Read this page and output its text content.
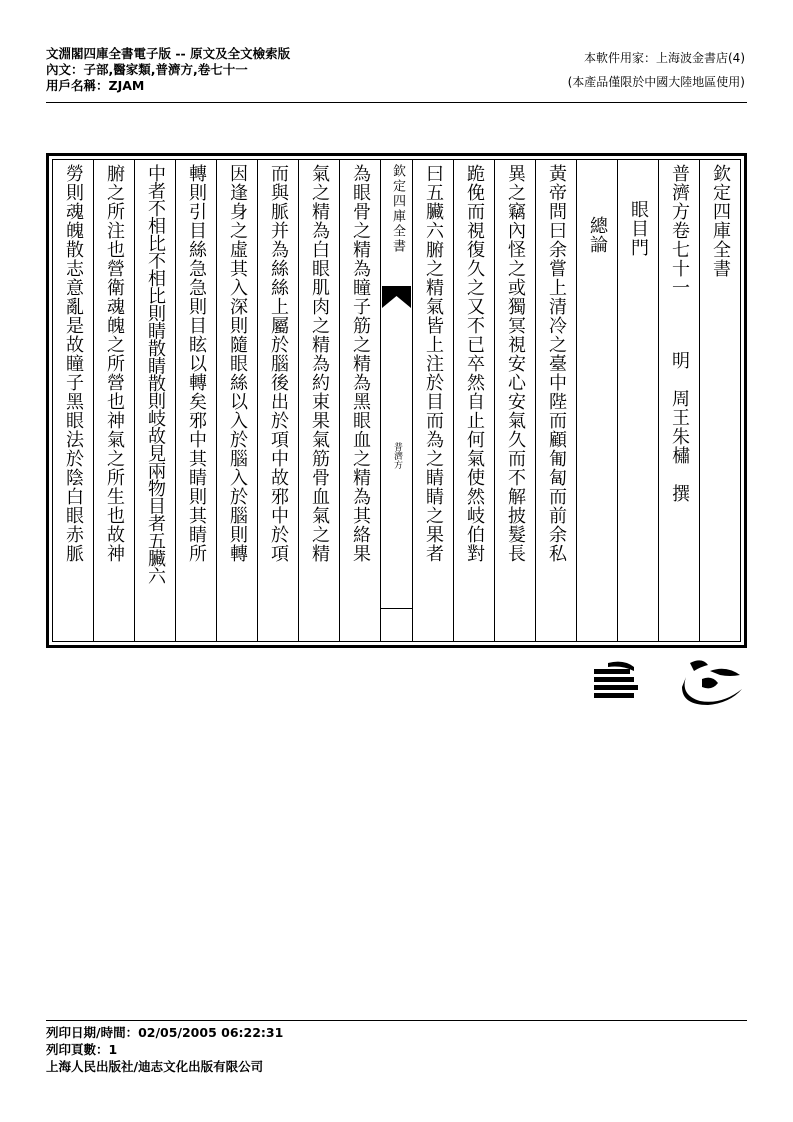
文淵閣四庫全書電子版 -- 原文及全文檢索版
內文：子部,醫家類,普濟方,卷七十一
用戶名稱：ZJAM
本軟件用家：上海波金書店(4)
(本產品僅限於中國大陸地區使用)
欽定四庫全書
普濟方卷七十一明　周王朱橚　撰
眼目門
總論
黃帝問曰余嘗上清冷之臺中陛而顧匍匐而前余私
異之竊內怪之或獨冥視安心安氣久而不解披髮長
跪俛而視復久之又不已卒然自止何氣使然岐伯對
曰五臟六腑之精氣皆上注於目而為之睛睛之果者
欽定四庫全書
普濟方
為眼骨之精為瞳子筋之精為黑眼血之精為其絡果
氣之精為白眼肌肉之精為約束果氣筋骨血氣之精
而與脈并為絲絲上屬於腦後出於項中故邪中於項
因逢身之虛其入深則隨眼絲以入於腦入於腦則轉
轉則引目絲急急則目眩以轉矣邪中其睛則其睛所
中者不相比不相比則睛散睛散則岐故見兩物目者五臟六
腑之所注也營衛魂魄之所營也神氣之所生也故神
勞則魂魄散志意亂是故瞳子黑眼法於陰白眼赤脈
列印日期/時間：02/05/2005 06:22:31
列印頁數：1
上海人民出版社/迪志文化出版有限公司
